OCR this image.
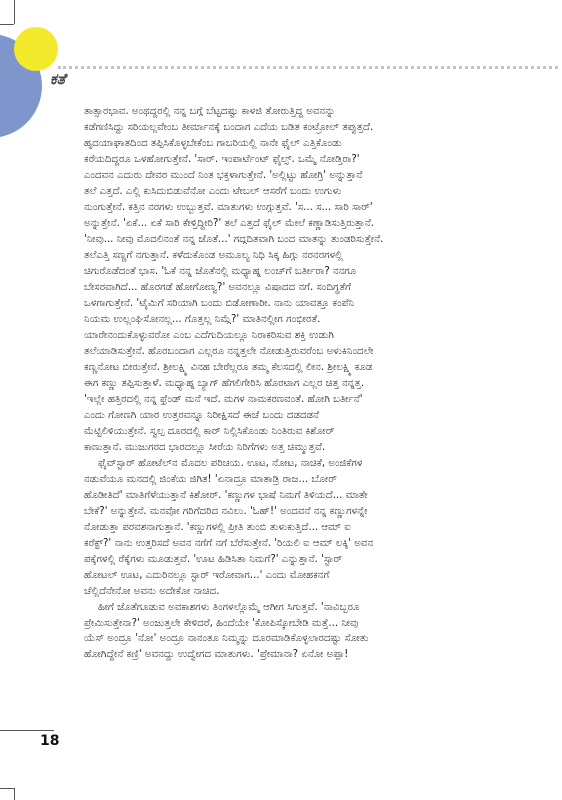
ಕತೆ
18

ತಾತ್ಸಾರಭಾವ. ಅಂಥದ್ದರಲ್ಲಿ ನನ್ನ ಬಗ್ಗೆ ಬೆಟ್ಟದಷ್ಟು ಕಾಳಜಿ ತೋರುತ್ತಿದ್ದ ಅವನನ್ನು

ಕಡೆಗಣಿಸಿದ್ದು ಸರಿಯಲ್ಲವೇಂಬ ತೀರ್ಮಾನಕ್ಕೆ ಬಂದಾಗ ಎದೆಯ ಬಡಿತ ಕಂಟ್ರೋಲ್ ತಪ್ಪುತ್ತದೆ.

ಹೃದಯಾಘಾತದಿಂದ ತಪ್ಪಿಸಿಕೊಳ್ಳಬೇಕೆಂಬ ಗಾಬರಿಯಲ್ಲಿ ನಾನೇ ಫೈಲ್ ಎತ್ತಿಕೊಂಡು

ಕರೆಯದಿದ್ದರೂ ಒಳಹೋಗುತ್ತೇನೆ. 'ಸಾರ್. ಇಂಪಾರ್ಟೆಂಟ್ ಫೈಲ್ಸ್. ಒಮ್ಮೆ ನೋಡ್ತಿರಾ?'

ಎಂದವನ ಎದುರು ದೇವರ ಮುಂದೆ ನಿಂತ ಭಕ್ತಳಾಗುತ್ತೇನೆ. 'ಅಲ್ಲಿಟ್ಟು ಹೋಗ್ರಿ' ಅನ್ನುತ್ತಾನೆ

ತಲೆ ಎತ್ತದೆ. ಎಲ್ಲಿ ಕುಸಿದುಬಿಡುವೆನೋ ಎಂದು ಟೇಬಲ್ ಆಸರೆಗೆ ಬಂದು ಉಗುಳು

ನುಂಗುತ್ತೇನೆ. ಕತ್ತಿನ ನರಗಳು ಉಬ್ಬುತ್ತವೆ. ಮಾತುಗಳು ಉಗ್ಗುತ್ತವೆ. 'ಸ... ಸ... ಸಾರಿ ಸಾರ್'

ಅನ್ನುತ್ತೇನೆ. 'ಏಕೆ... ಏಕೆ ಸಾರಿ ಕೇಳ್ತಿದ್ದೀರಿ?' ತಲೆ ಎತ್ತದೆ ಫೈಲ್ ಮೇಲೆ ಕಣ್ಣಾಡಿಸುತ್ತಿರುತ್ತಾನೆ.

'ನೀವು... ನೀವು ಮೊದಲಿನಂತೆ ನನ್ನ ಜೊತೆ...' ಗದ್ಗದಿತವಾಗಿ ಬಂದ ಮಾತನ್ನು ತುಂಡರಿಸುತ್ತೇನೆ.

ತಲೆಎತ್ತಿ ಸಣ್ಣಗೆ ನಗುತ್ತಾನೆ. ಕಳೆದುಕೊಂಡ ಅಮೂಲ್ಯ ನಿಧಿ ಸಿಕ್ಕ ಹಿಗ್ಗು ನರನರಗಳಲ್ಲಿ

ಚಿಗುರೊಡೆದಂತೆ ಭಾಸ. 'ಓಕೆ ನನ್ನ ಜೊತೆನಲ್ಲಿ ಮಧ್ಯಾಹ್ನ ಲಂಚ್‌ಗೆ ಬರ್ತೀರಾ? ನನಗೂ

ಬೇಸರವಾಗಿದೆ... ಹೊರಗಡೆ ಹೋಗೋಣ್ವ?' ಅವನಲ್ಲೂ ವಿಷಾದದ ನಗೆ. ಸಂದಿಗ್ಧತೆಗೆ

ಒಳಗಾಗುತ್ತೇನೆ. 'ಟೈಮಿಗೆ ಸರಿಯಾಗಿ ಬಂದು ಬಿಡೋಣಾರೀ. ನಾನು ಯಾವತ್ತೂ ಕಂಪೆನಿ

ನಿಯಮ ಉಲ್ಲಂಘಿಸೋನಲ್ಲ... ಗೊತ್ತಲ್ಲ ನಿಮ್ಗೆ?' ಮಾತಿನಲ್ಲೀಗ ಗಂಭೀರತೆ.

ಯಾರೇನಂದುಕೊಳ್ಳುವರೋ ಎಂಬ ಎದೆಗುದಿಯಲ್ಲೂ ನಿರಾಕರಿಸುವ ಶಕ್ತಿ ಉಡುಗಿ

ತಲೆಯಾಡಿಸುತ್ತೇನೆ. ಹೊರಬಂದಾಗ ಎಲ್ಲರೂ ನನ್ನತ್ತಲೇ ನೋಡುತ್ತಿರುವರೆಂಬ ಅಳುಕಿನಿಂದಲೇ

ಕಣ್ಣನೋಟ ಬೀರುತ್ತೇನೆ. ಶ್ರೀಲಕ್ಷ್ಮಿ ವಿನಹ ಬೇರೆಲ್ಲರೂ ತಮ್ಮ ಕೆಲಸದಲ್ಲಿ ಲೀನ. ಶ್ರೀಲಕ್ಷ್ಮಿ ಕೂಡ

ಈಗ ಕಣ್ಣು ತಪ್ಪಿಸುತ್ತಾಳೆ. ಮಧ್ಯಾಹ್ನ ಬ್ಯಾಗ್ ಹೆಗಲಿಗೇರಿಸಿ ಹೊರಟಾಗ ಎಲ್ಲರ ಚಿತ್ತ ನನ್ನತ್ತ.

'ಇಲ್ಲೇ ಹತ್ತಿರದಲ್ಲಿ ನನ್ನ ಫ್ರೆಂಡ್ ಮನೆ ಇದೆ. ಮಗಳ ನಾಮಕರಣವಂತೆ. ಹೋಗಿ ಬರ್ತೀನೆ'

ಎಂದು ಗೋಣಗಿ ಯಾರ ಉತ್ತರವನ್ನೂ ನಿರೀಕ್ಷಿಸದೆ ಈಚೆ ಬಂದು ದಡದಡನೆ

ಮೆಟ್ಟಿಲಿಳಿಯುತ್ತೇನೆ. ಸ್ವಲ್ಪ ದೂರದಲ್ಲಿ ಕಾರ್ ನಿಲ್ಲಿಸಿಕೊಂಡು ನಿಂತಿರುವ ಕಿಶೋರ್

ಕಾಣುತ್ತಾನೆ. ಮುಜುಗರದ ಭಾರದಲ್ಲೂ ಸೀರೆಯ ನಿರಿಗೆಗಳು ಅತ್ತ ಚಿಮ್ಮುತ್ತವೆ.

ಫೈವ್‌ಸ್ಟಾರ್ ಹೋಟೆಲ್‌ನ ಮೊದಲ ಪರಿಚಯ. ಊಟ, ನೋಟ, ನಾಚಿಕೆ, ಅಂಜಿಕೆಗಳ

ನಡುವೆಯೂ ಮನದಲ್ಲಿ ಜಿಂಕೆಯ ಜಿಗಿತ! 'ಏನಾದ್ರೂ ಮಾತಾಡ್ರಿ ರಾಜ... ಬೋರ್

ಹೊಡೀತಿದೆ' ಮಾತಿಗೆಳೆಯುತ್ತಾನೆ ಕಿಶೋರ್. 'ಕಣ್ಣುಗಳ ಭಾಷೆ ನಿಮಗೆ ತಿಳಿಯದೆ... ಮಾತೇ

ಬೇಕೆ?' ಅನ್ನುತ್ತೇನೆ. ಮನವೋ ಗರಿಗೆದರಿದ ನವಿಲು. 'ಓಹ್!' ಅಂದವನೆ ನನ್ನ ಕಣ್ಣುಗಳನ್ನೇ

ನೋಡುತ್ತಾ ಪರವಶನಾಗುತ್ತಾನೆ. 'ಕಣ್ಣುಗಳಲ್ಲಿ ಪ್ರೀತಿ ತುಂಬಿ ತುಳುಕುತ್ತಿದೆ... ಆಮ್ ಐ

ಕರೆಕ್ಟ್?' ನಾನು ಉತ್ತರಿಸದೆ ಅವನ ನಗೆಗೆ ನಗೆ ಬೆರೆಸುತ್ತೇನೆ. 'ರಿಯಲಿ ಐ ಆಮ್ ಲಕ್ಕಿ' ಅವನ

ಪಕ್ಕೆಗಳಲ್ಲಿ ರೆಕ್ಕೆಗಳು ಮೂಡುತ್ತವೆ. 'ಊಟ ಹಿಡಿಸಿತಾ ನಿಮಗೆ?' ಎನ್ನುತ್ತಾನೆ. 'ಸ್ಟಾರ್

ಹೋಟಲ್ ಊಟ, ಎದುರಿನಲ್ಲೂ ಸ್ಟಾರ್ ಇರೋವಾಗ...' ಎಂದು ಮೋಹಕನಗೆ

ಚೆಲ್ಲಿದೆನೇನೋ ಅವನು ಅದೇಕೋ ನಾಚಿದ.

ಹೀಗೆ ಜೊತೆಗೂಡುವ ಅವಕಾಶಗಳು ತಿಂಗಳಲ್ಲೊಮ್ಮೆ ಆಗೀಗ ಸಿಗುತ್ತವೆ. 'ನಾವಿಬ್ಬರೂ

ಪ್ರೇಮಿಸುತ್ತೇನಾ?' ಅಂಜುತ್ತಲೇ ಕೇಳಿದರೆ, ಹಿಂದೆಯೇ 'ಕೋಪಿಸ್ಕೋಬೇಡಿ ಮತ್ತೆ... ನೀವು

ಯೆಸ್ ಅಂದ್ರೂ 'ನೋ' ಅಂದ್ರೂ ನಾನಂತೂ ನಿಮ್ಮನ್ನು ದೂರಮಾಡಿಕೊಳ್ಳಲಾರದಷ್ಟು ಸೋತು

ಹೋಗಿದ್ದೇನೆ ಕಣ್ರಿ' ಅವನದ್ದು ಉದ್ವೇಗದ ಮಾತುಗಳು. 'ಪ್ರೇಮಾನಾ? ಏನೋ ಅಪ್ಪಾ!
